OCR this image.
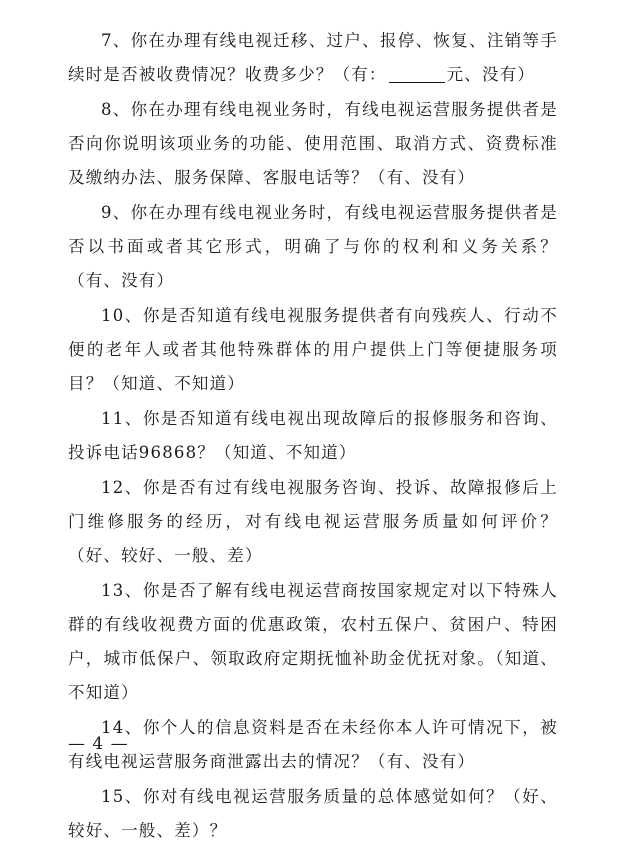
7、你在办理有线电视迁移、过户、报停、恢复、注销等手续时是否被收费情况？收费多少？（有：	元、没有）

8、你在办理有线电视业务时，有线电视运营服务提供者是否向你说明该项业务的功能、使用范围、取消方式、资费标准及缴纳办法、服务保障、客服电话等？（有、没有）

9、你在办理有线电视业务时，有线电视运营服务提供者是否以书面或者其它形式，明确了与你的权利和义务关系？（有、没有）

10、你是否知道有线电视服务提供者有向残疾人、行动不便的老年人或者其他特殊群体的用户提供上门等便捷服务项目？（知道、不知道）

11、你是否知道有线电视出现故障后的报修服务和咨询、投诉电话96868？（知道、不知道）

12、你是否有过有线电视服务咨询、投诉、故障报修后上门维修服务的经历，对有线电视运营服务质量如何评价？（好、较好、一般、差）

13、你是否了解有线电视运营商按国家规定对以下特殊人群的有线收视费方面的优惠政策，农村五保户、贫困户、特困户，城市低保户、领取政府定期抚恤补助金优抚对象。（知道、不知道）

14、你个人的信息资料是否在未经你本人许可情况下，被有线电视运营服务商泄露出去的情况？（有、没有）

15、你对有线电视运营服务质量的总体感觉如何？（好、较好、一般、差）？

— 4 —
